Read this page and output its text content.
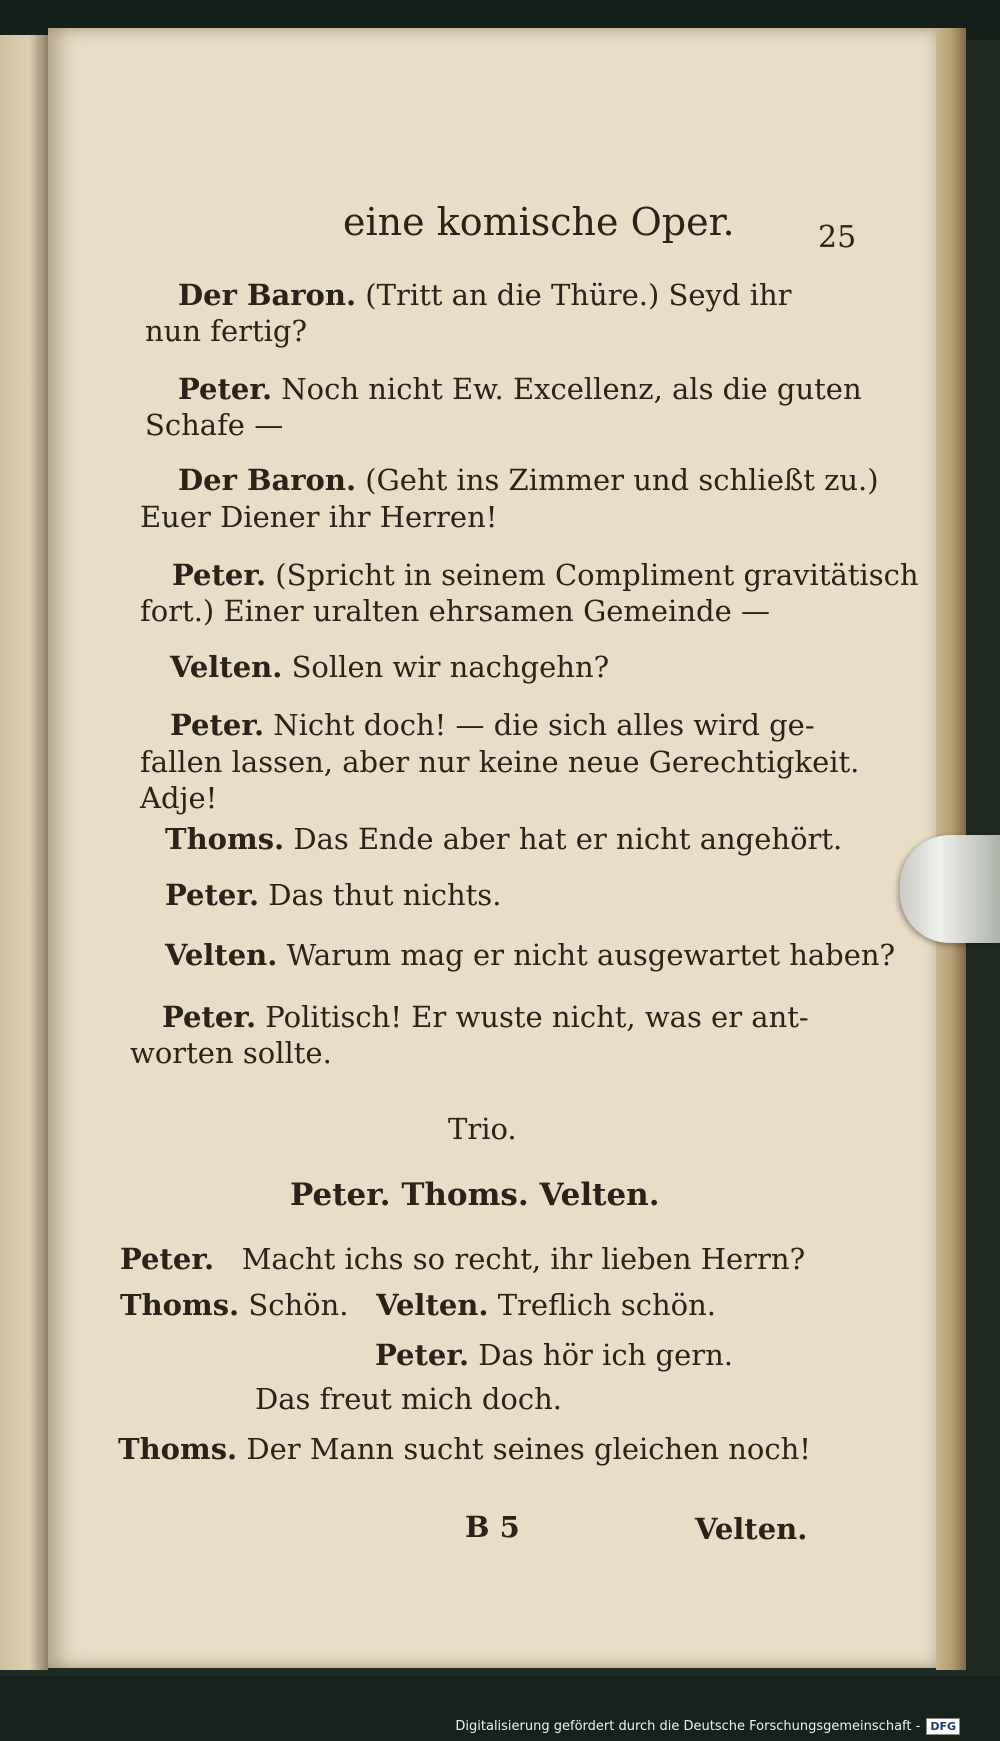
eine komische Oper.	25
Der Baron. (Tritt an die Thüre.) Seyd ihr
nun fertig?
Peter. Noch nicht Ew. Excellenz, als die guten
Schafe —
Der Baron. (Geht ins Zimmer und schließt zu.)
Euer Diener ihr Herren!
Peter. (Spricht in seinem Compliment gravitätisch
fort.) Einer uralten ehrsamen Gemeinde —
Velten. Sollen wir nachgehn?
Peter. Nicht doch! — die sich alles wird ge-
fallen lassen, aber nur keine neue Gerechtigkeit.
Adje!
Thoms. Das Ende aber hat er nicht angehört.
Peter. Das thut nichts.
Velten. Warum mag er nicht ausgewartet haben?
Peter. Politisch! Er wuste nicht, was er ant-
worten sollte.
Trio.
Peter. Thoms. Velten.
Peter. Macht ichs so recht, ihr lieben Herrn?
Thoms. Schön. Velten. Treflich schön.
Peter. Das hör ich gern.
Das freut mich doch.
Thoms. Der Mann sucht seines gleichen noch!
B 5	Velten.
Digitalisierung gefördert durch die Deutsche Forschungsgemeinschaft - DFG
